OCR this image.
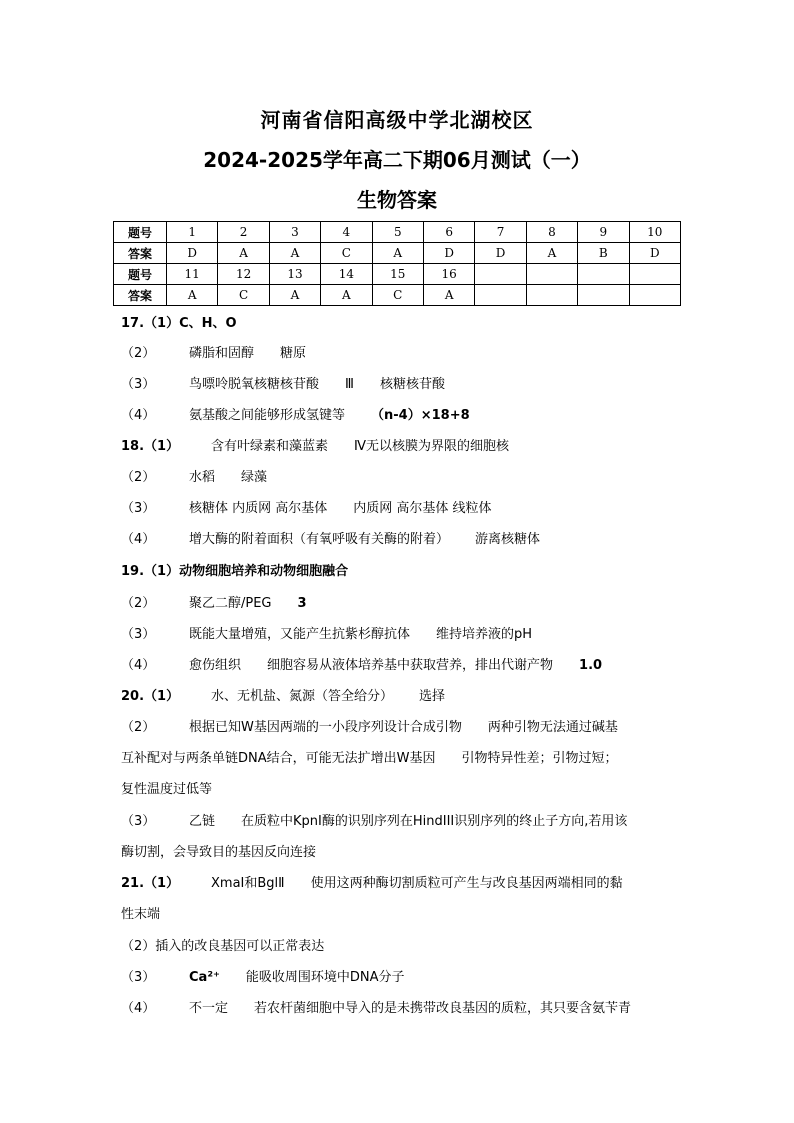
河南省信阳高级中学北湖校区
2024-2025学年高二下期06月测试（一）
生物答案
题号	1	2	3	4	5	6	7	8	9	10
答案	D	A	A	C	A	D	D	A	B	D
题号	11	12	13	14	15	16				
答案	A	C	A	A	C	A				
17.（1）C、H、O
（2）	磷脂和固醇 糖原
（3）	鸟嘌呤脱氧核糖核苷酸 Ⅲ 核糖核苷酸
（4）	氨基酸之间能够形成氢键等 （n-4）×18+8
18.（1） 含有叶绿素和藻蓝素 Ⅳ无以核膜为界限的细胞核
（2）	水稻 绿藻
（3）	核糖体 内质网 高尔基体 内质网 高尔基体 线粒体
（4）	增大酶的附着面积（有氧呼吸有关酶的附着） 游离核糖体
19.（1）动物细胞培养和动物细胞融合
（2）	聚乙二醇/PEG 3
（3）	既能大量增殖，又能产生抗紫杉醇抗体 维持培养液的pH
（4）	愈伤组织 细胞容易从液体培养基中获取营养，排出代谢产物 1.0
20.（1） 水、无机盐、氮源（答全给分） 选择
（2）	根据已知W基因两端的一小段序列设计合成引物 两种引物无法通过碱基
互补配对与两条单链DNA结合，可能无法扩增出W基因 引物特异性差；引物过短；
复性温度过低等
（3）	乙链 在质粒中KpnI酶的识别序列在HindIII识别序列的终止子方向,若用该
酶切割，会导致目的基因反向连接
21.（1） XmaⅠ和BglⅡ 使用这两种酶切割质粒可产生与改良基因两端相同的黏
性末端
（2）插入的改良基因可以正常表达
（3）	Ca²⁺ 能吸收周围环境中DNA分子
（4）	不一定 若农杆菌细胞中导入的是未携带改良基因的质粒，其只要含氨苄青
